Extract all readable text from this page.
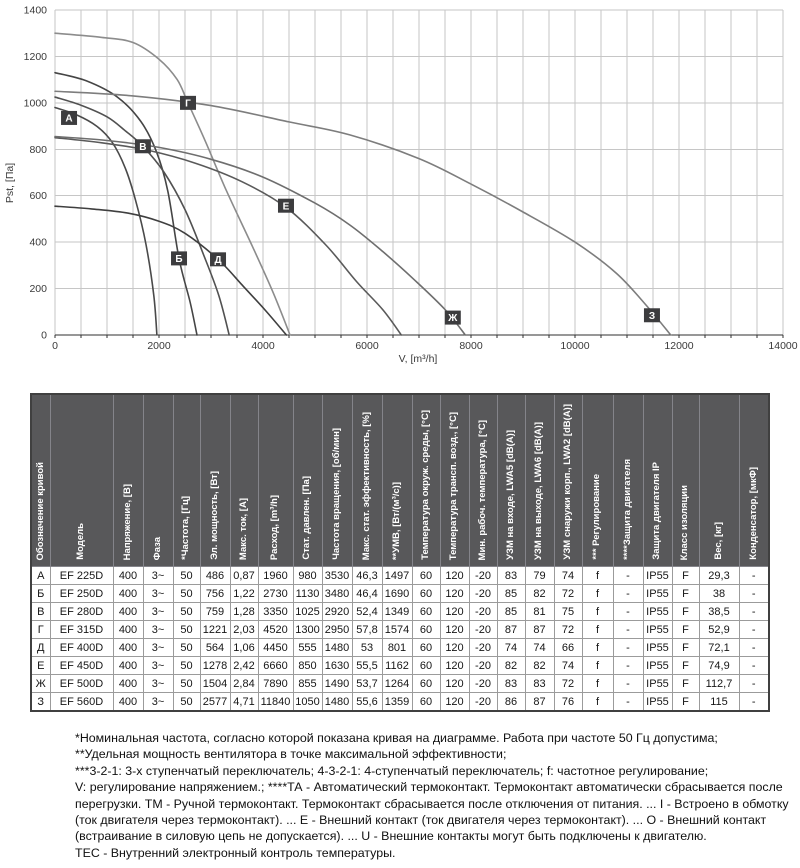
0
200
400
600
800
1000
1200
1400
0	2000	4000	6000	8000	10000	12000	14000
V, [m³/h]
Pst, [Па]
А
Б
В
Г
Д
Е
Ж	З
Обозначение кривой	Модель	Напряжение, [В]	Фаза	*Частота, [Гц]	Эл. мощность, [Вт]	Макс. ток, [А]	Расход, [m³/h]	Стат. давлен. [Па]	Частота вращения, [об/мин]	Макс. стат. эффективность, [%]	**УМВ, [Вт/(м³/с)]	Температура окруж. среды, [°C]	Температура трансп. возд., [°C]	Мин. рабоч. температура, [°C]	УЗМ на входе, LWA5 [dB(A)]	УЗМ на выходе, LWA6 [dB(A)]	УЗМ снаружи корп., LWA2 [dB(A)]	*** Регулирование	****Защита двигателя	Защита двигателя IP	Класс изоляции	Вес, [кг]	Конденсатор, [мкФ]

А	EF 225D	400	3~	50	486	0,87	1960	980	3530	46,3	1497	60	120	-20	83	79	74	f	-	IP55	F	29,3	-
Б	EF 250D	400	3~	50	756	1,22	2730	1130	3480	46,4	1690	60	120	-20	85	82	72	f	-	IP55	F	38	-
В	EF 280D	400	3~	50	759	1,28	3350	1025	2920	52,4	1349	60	120	-20	85	81	75	f	-	IP55	F	38,5	-
Г	EF 315D	400	3~	50	1221	2,03	4520	1300	2950	57,8	1574	60	120	-20	87	87	72	f	-	IP55	F	52,9	-
Д	EF 400D	400	3~	50	564	1,06	4450	555	1480	53	801	60	120	-20	74	74	66	f	-	IP55	F	72,1	-
Е	EF 450D	400	3~	50	1278	2,42	6660	850	1630	55,5	1162	60	120	-20	82	82	74	f	-	IP55	F	74,9	-
Ж	EF 500D	400	3~	50	1504	2,84	7890	855	1490	53,7	1264	60	120	-20	83	83	72	f	-	IP55	F	112,7	-
З	EF 560D	400	3~	50	2577	4,71	11840	1050	1480	55,6	1359	60	120	-20	86	87	76	f	-	IP55	F	115	-
*Номинальная частота, согласно которой показана кривая на диаграмме. Работа при частоте 50 Гц допустима;
**Удельная мощность вентилятора в точке максимальной эффективности;
***3-2-1: 3-х ступенчатый переключатель; 4-3-2-1: 4-ступенчатый переключатель; f: частотное регулирование;
V: регулирование напряжением.; ****ТА - Автоматический термоконтакт. Термоконтакт автоматически сбрасывается после
перегрузки. ТМ - Ручной термоконтакт. Термоконтакт сбрасывается после отключения от питания. ... I - Встроено в обмотку
(ток двигателя через термоконтакт). ... Е - Внешний контакт (ток двигателя через термоконтакт). ... О - Внешний контакт
(встраивание в силовую цепь не допускается). ... U - Внешние контакты могут быть подключены к двигателю.
ТЕС - Внутренний электронный контроль температуры.
